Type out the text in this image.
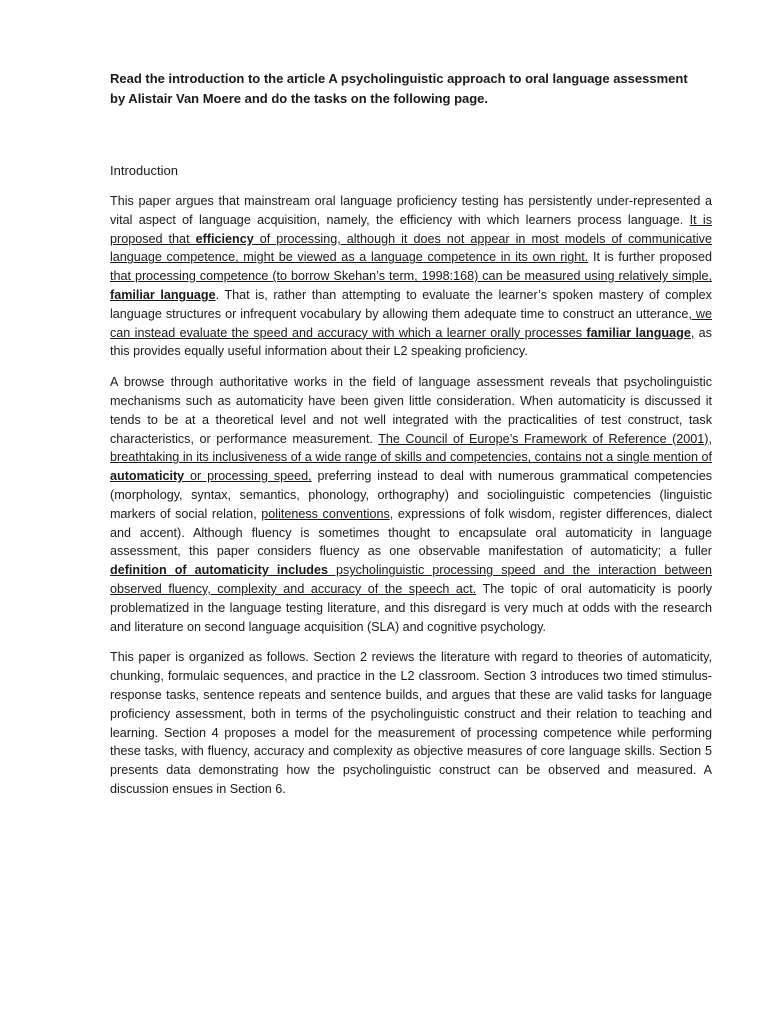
Read the introduction to the article A psycholinguistic approach to oral language assessment
by Alistair Van Moere and do the tasks on the following page.
Introduction

This paper argues that mainstream oral language proficiency testing has persistently under-represented a vital aspect of language acquisition, namely, the efficiency with which learners process language. It is proposed that efficiency of processing, although it does not appear in most models of communicative language competence, might be viewed as a language competence in its own right. It is further proposed that processing competence (to borrow Skehan’s term, 1998:168) can be measured using relatively simple, familiar language. That is, rather than attempting to evaluate the learner’s spoken mastery of complex language structures or infrequent vocabulary by allowing them adequate time to construct an utterance, we can instead evaluate the speed and accuracy with which a learner orally processes familiar language, as this provides equally useful information about their L2 speaking proficiency.

A browse through authoritative works in the field of language assessment reveals that psycholinguistic mechanisms such as automaticity have been given little consideration. When automaticity is discussed it tends to be at a theoretical level and not well integrated with the practicalities of test construct, task characteristics, or performance measurement. The Council of Europe’s Framework of Reference (2001), breathtaking in its inclusiveness of a wide range of skills and competencies, contains not a single mention of automaticity or processing speed, preferring instead to deal with numerous grammatical competencies (morphology, syntax, semantics, phonology, orthography) and sociolinguistic competencies (linguistic markers of social relation, politeness conventions, expressions of folk wisdom, register differences, dialect and accent). Although fluency is sometimes thought to encapsulate oral automaticity in language assessment, this paper considers fluency as one observable manifestation of automaticity; a fuller definition of automaticity includes psycholinguistic processing speed and the interaction between observed fluency, complexity and accuracy of the speech act. The topic of oral automaticity is poorly problematized in the language testing literature, and this disregard is very much at odds with the research and literature on second language acquisition (SLA) and cognitive psychology.

This paper is organized as follows. Section 2 reviews the literature with regard to theories of automaticity, chunking, formulaic sequences, and practice in the L2 classroom. Section 3 introduces two timed stimulus-response tasks, sentence repeats and sentence builds, and argues that these are valid tasks for language proficiency assessment, both in terms of the psycholinguistic construct and their relation to teaching and learning. Section 4 proposes a model for the measurement of processing competence while performing these tasks, with fluency, accuracy and complexity as objective measures of core language skills. Section 5 presents data demonstrating how the psycholinguistic construct can be observed and measured. A discussion ensues in Section 6.
